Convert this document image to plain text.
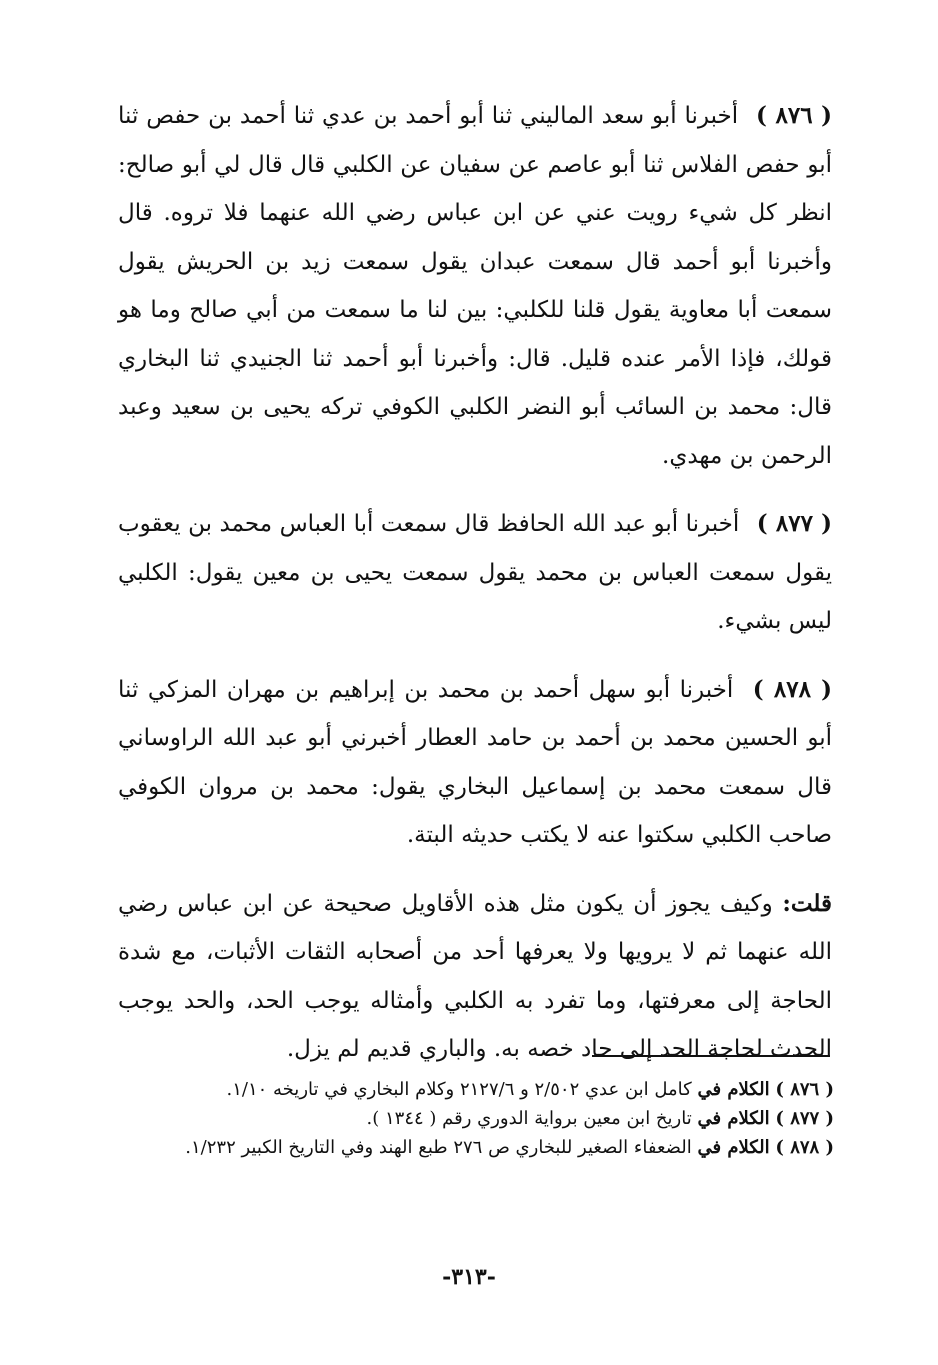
( ٨٧٦ ) أخبرنا أبو سعد الماليني ثنا أبو أحمد بن عدي ثنا أحمد بن حفص ثنا أبو حفص الفلاس ثنا أبو عاصم عن سفيان عن الكلبي قال قال لي أبو صالح: انظر كل شيء رويت عني عن ابن عباس رضي الله عنهما فلا تروه. قال وأخبرنا أبو أحمد قال سمعت عبدان يقول سمعت زيد بن الحريش يقول سمعت أبا معاوية يقول قلنا للكلبي: بين لنا ما سمعت من أبي صالح وما هو قولك، فإذا الأمر عنده قليل. قال: وأخبرنا أبو أحمد ثنا الجنيدي ثنا البخاري قال: محمد بن السائب أبو النضر الكلبي الكوفي تركه يحيى بن سعيد وعبد الرحمن بن مهدي.

( ٨٧٧ ) أخبرنا أبو عبد الله الحافظ قال سمعت أبا العباس محمد بن يعقوب يقول سمعت العباس بن محمد يقول سمعت يحيى بن معين يقول: الكلبي ليس بشيء.

( ٨٧٨ ) أخبرنا أبو سهل أحمد بن محمد بن إبراهيم بن مهران المزكي ثنا أبو الحسين محمد بن أحمد بن حامد العطار أخبرني أبو عبد الله الراوساني قال سمعت محمد بن إسماعيل البخاري يقول: محمد بن مروان الكوفي صاحب الكلبي سكتوا عنه لا يكتب حديثه البتة.

قلت: وكيف يجوز أن يكون مثل هذه الأقاويل صحيحة عن ابن عباس رضي الله عنهما ثم لا يرويها ولا يعرفها أحد من أصحابه الثقات الأثبات، مع شدة الحاجة إلى معرفتها، وما تفرد به الكلبي وأمثاله يوجب الحد، والحد يوجب الحدث لحاجة الحد إلى حاد خصه به. والباري قديم لم يزل.

( ٨٧٦ ) الكلام في كامل ابن عدي ٢/٥٠٢ و ٢١٢٧/٦ وكلام البخاري في تاريخه ١/١٠.

( ٨٧٧ ) الكلام في تاريخ ابن معين برواية الدوري رقم ( ١٣٤٤ ).

( ٨٧٨ ) الكلام في الضعفاء الصغير للبخاري ص ٢٧٦ طبع الهند وفي التاريخ الكبير ١/٢٣٢.

-٣١٣-
